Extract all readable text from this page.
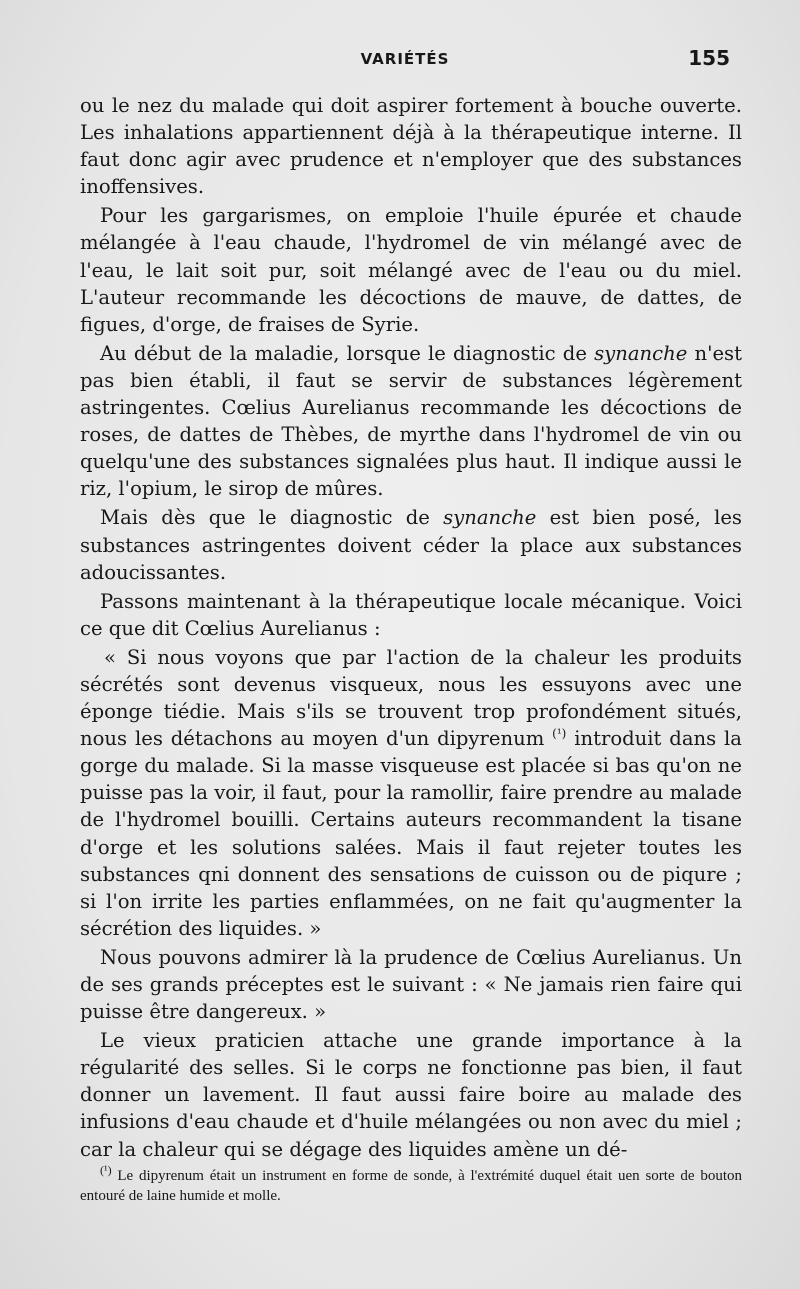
VARIÉTÉS	155

ou le nez du malade qui doit aspirer fortement à bouche ouverte. Les inhalations appartiennent déjà à la thérapeutique interne. Il faut donc agir avec prudence et n'employer que des substances inoffensives.

Pour les gargarismes, on emploie l'huile épurée et chaude mélangée à l'eau chaude, l'hydromel de vin mélangé avec de l'eau, le lait soit pur, soit mélangé avec de l'eau ou du miel. L'auteur recommande les décoctions de mauve, de dattes, de figues, d'orge, de fraises de Syrie.

Au début de la maladie, lorsque le diagnostic de synanche n'est pas bien établi, il faut se servir de substances légèrement astringentes. Cœlius Aurelianus recommande les décoctions de roses, de dattes de Thèbes, de myrthe dans l'hydromel de vin ou quelqu'une des substances signalées plus haut. Il indique aussi le riz, l'opium, le sirop de mûres.

Mais dès que le diagnostic de synanche est bien posé, les substances astringentes doivent céder la place aux substances adoucissantes.

Passons maintenant à la thérapeutique locale mécanique. Voici ce que dit Cœlius Aurelianus :

« Si nous voyons que par l'action de la chaleur les produits sécrétés sont devenus visqueux, nous les essuyons avec une éponge tiédie. Mais s'ils se trouvent trop profondément situés, nous les détachons au moyen d'un dipyrenum $^{(^1)}$ introduit dans la gorge du malade. Si la masse visqueuse est placée si bas qu'on ne puisse pas la voir, il faut, pour la ramollir, faire prendre au malade de l'hydromel bouilli. Certains auteurs recommandent la tisane d'orge et les solutions salées. Mais il faut rejeter toutes les substances qni donnent des sensations de cuisson ou de piqure ; si l'on irrite les parties enflammées, on ne fait qu'augmenter la sécrétion des liquides. »

Nous pouvons admirer là la prudence de Cœlius Aurelianus. Un de ses grands préceptes est le suivant : « Ne jamais rien faire qui puisse être dangereux. »

Le vieux praticien attache une grande importance à la régularité des selles. Si le corps ne fonctionne pas bien, il faut donner un lavement. Il faut aussi faire boire au malade des infusions d'eau chaude et d'huile mélangées ou non avec du miel ; car la chaleur qui se dégage des liquides amène un dé-

$^{(^1)}$ Le dipyrenum était un instrument en forme de sonde, à l'extrémité duquel était uen sorte de bouton entouré de laine humide et molle.
